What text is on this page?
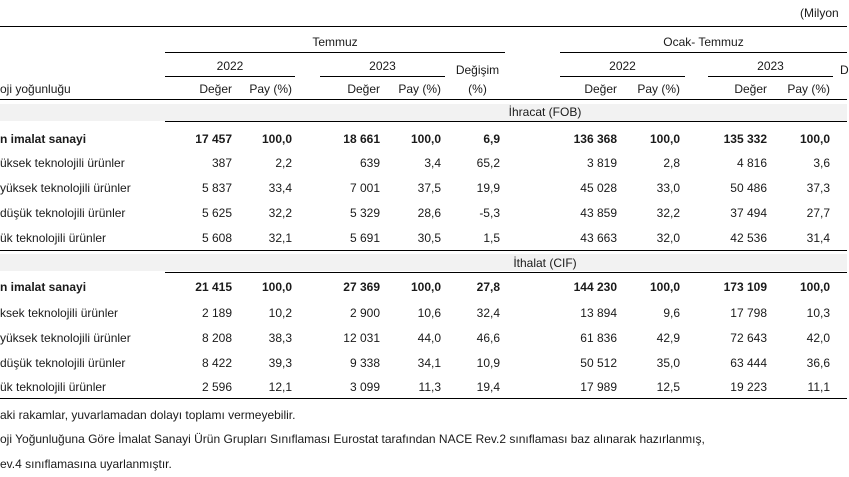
(Milyon
Temmuz	Ocak- Temmuz
2022	2023	Değişim	2022	2023	D
oji yoğunluğu	Değer	Pay (%)	Değer	Pay (%)	(%)	Değer	Pay (%)	Değer	Pay (%)
İhracat (FOB)
n imalat sanayi	17 457	100,0	18 661	100,0	6,9	136 368	100,0	135 332	100,0
üksek teknolojili ürünler	387	2,2	639	3,4	65,2	3 819	2,8	4 816	3,6
yüksek teknolojili ürünler	5 837	33,4	7 001	37,5	19,9	45 028	33,0	50 486	37,3
düşük teknolojili ürünler	5 625	32,2	5 329	28,6	-5,3	43 859	32,2	37 494	27,7
ük teknolojili ürünler	5 608	32,1	5 691	30,5	1,5	43 663	32,0	42 536	31,4
İthalat (CIF)
n imalat sanayi	21 415	100,0	27 369	100,0	27,8	144 230	100,0	173 109	100,0
ksek teknolojili ürünler	2 189	10,2	2 900	10,6	32,4	13 894	9,6	17 798	10,3
yüksek teknolojili ürünler	8 208	38,3	12 031	44,0	46,6	61 836	42,9	72 643	42,0
düşük teknolojili ürünler	8 422	39,3	9 338	34,1	10,9	50 512	35,0	63 444	36,6
ük teknolojili ürünler	2 596	12,1	3 099	11,3	19,4	17 989	12,5	19 223	11,1
aki rakamlar, yuvarlamadan dolayı toplamı vermeyebilir.
oji Yoğunluğuna Göre İmalat Sanayi Ürün Grupları Sınıflaması Eurostat tarafından NACE Rev.2 sınıflaması baz alınarak hazırlanmış,
ev.4 sınıflamasına uyarlanmıştır.
